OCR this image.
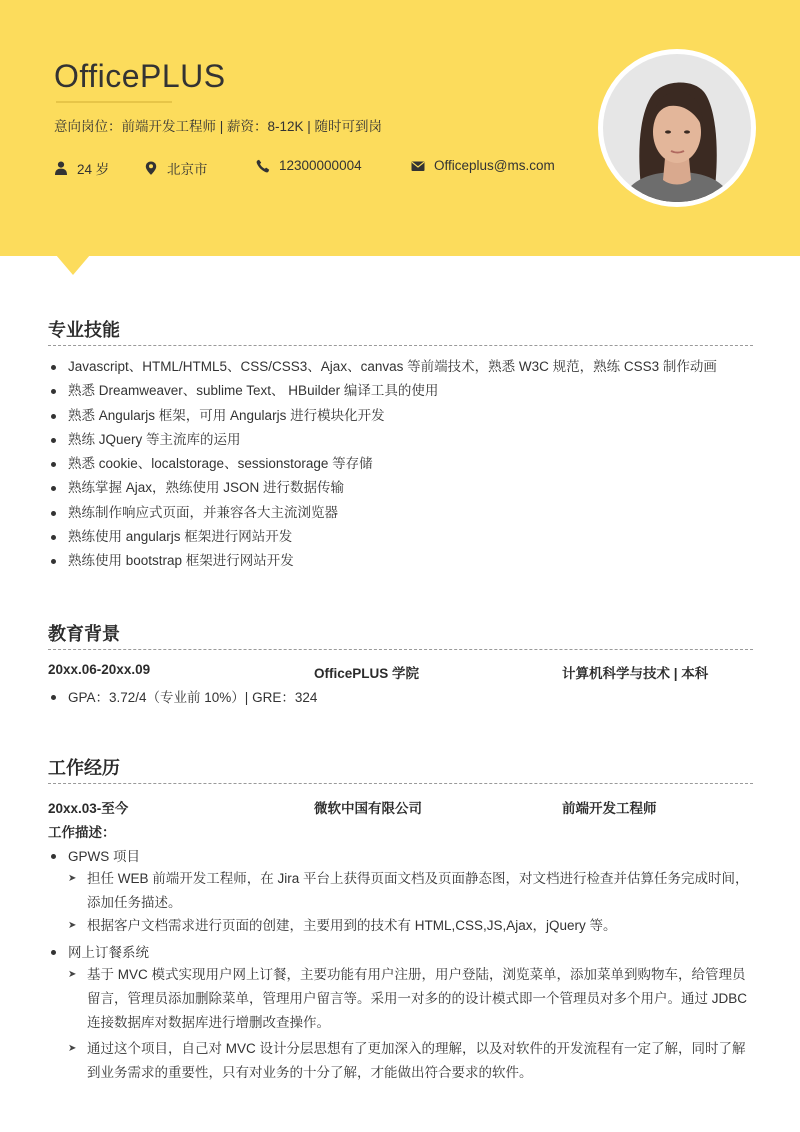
OfficePLUS
意向岗位：前端开发工程师 | 薪资：8-12K | 随时可到岗
24 岁	北京市	12300000004	Officeplus@ms.com
专业技能
Javascript、HTML/HTML5、CSS/CSS3、Ajax、canvas 等前端技术，熟悉 W3C 规范，熟练 CSS3 制作动画
熟悉 Dreamweaver、sublime Text、 HBuilder 编译工具的使用
熟悉 Angularjs 框架，可用 Angularjs 进行模块化开发
熟练 JQuery 等主流库的运用
熟悉 cookie、localstorage、sessionstorage 等存储
熟练掌握 Ajax，熟练使用 JSON 进行数据传输
熟练制作响应式页面，并兼容各大主流浏览器
熟练使用 angularjs 框架进行网站开发
熟练使用 bootstrap 框架进行网站开发
教育背景
20xx.06-20xx.09	OfficePLUS 学院	计算机科学与技术 | 本科
GPA：3.72/4（专业前 10%）| GRE：324
工作经历
20xx.03-至今	微软中国有限公司	前端开发工程师
工作描述：
GPWS 项目
➤ 担任 WEB 前端开发工程师，在 Jira 平台上获得页面文档及页面静态图，对文档进行检查并估算任务完成时间，添加任务描述。
➤ 根据客户文档需求进行页面的创建，主要用到的技术有 HTML,CSS,JS,Ajax，jQuery 等。
网上订餐系统
➤ 基于 MVC 模式实现用户网上订餐，主要功能有用户注册，用户登陆，浏览菜单，添加菜单到购物车，给管理员留言，管理员添加删除菜单，管理用户留言等。采用一对多的的设计模式即一个管理员对多个用户。通过 JDBC 连接数据库对数据库进行增删改查操作。
➤ 通过这个项目，自己对 MVC 设计分层思想有了更加深入的理解，以及对软件的开发流程有一定了解，同时了解到业务需求的重要性，只有对业务的十分了解，才能做出符合要求的软件。
